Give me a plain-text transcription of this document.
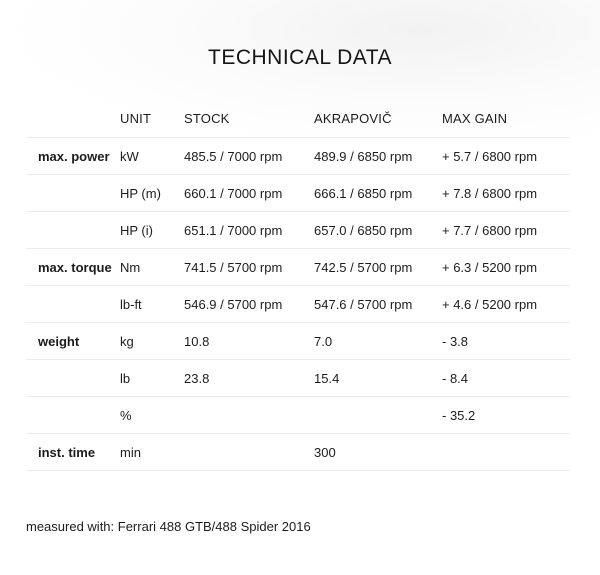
TECHNICAL DATA
	UNIT	STOCK	AKRAPOVIČ	MAX GAIN
max. power	kW	485.5 / 7000 rpm	489.9 / 6850 rpm	+ 5.7 / 6800 rpm
	HP (m)	660.1 / 7000 rpm	666.1 / 6850 rpm	+ 7.8 / 6800 rpm
	HP (i)	651.1 / 7000 rpm	657.0 / 6850 rpm	+ 7.7 / 6800 rpm
max. torque	Nm	741.5 / 5700 rpm	742.5 / 5700 rpm	+ 6.3 / 5200 rpm
	lb-ft	546.9 / 5700 rpm	547.6 / 5700 rpm	+ 4.6 / 5200 rpm
weight	kg	10.8	7.0	- 3.8
	lb	23.8	15.4	- 8.4
	%			- 35.2
inst. time	min		300	
measured with: Ferrari 488 GTB/488 Spider 2016
